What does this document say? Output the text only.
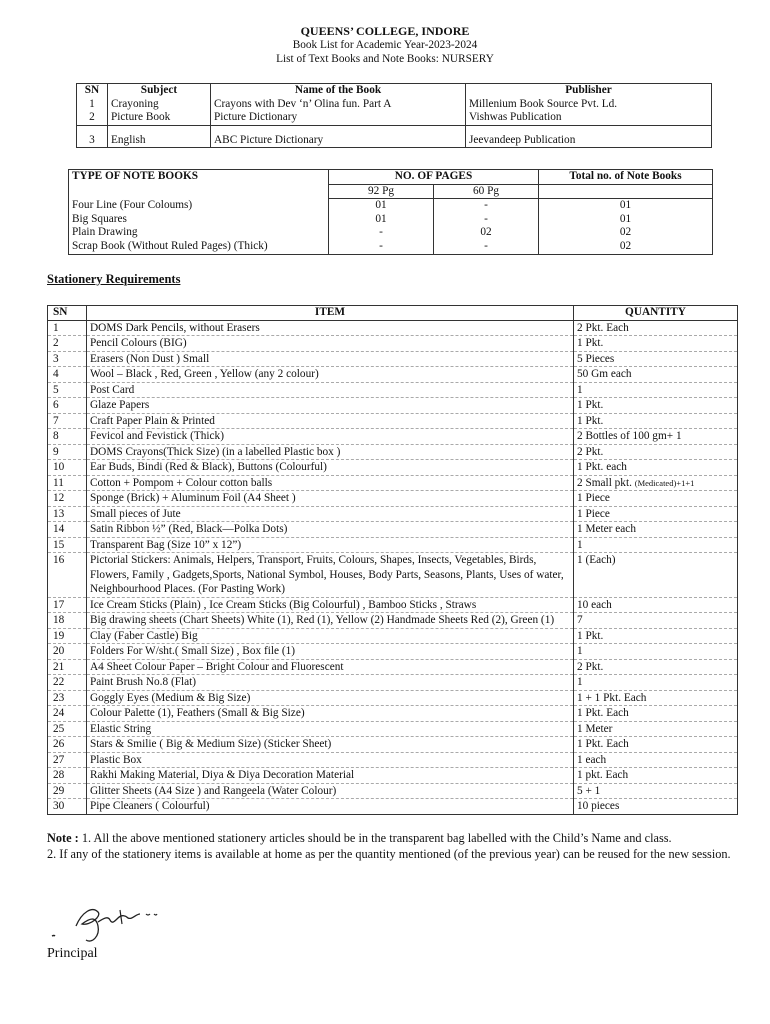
QUEENS’ COLLEGE, INDORE
Book List for Academic Year-2023-2024
List of Text Books and Note Books: NURSERY
SN	Subject	Name of the Book	Publisher
1	Crayoning	Crayons with Dev ‘n’ Olina fun. Part A	Millenium Book Source Pvt. Ld.
2	Picture Book	Picture Dictionary	Vishwas Publication
3	English	ABC Picture Dictionary	Jeevandeep Publication
TYPE OF NOTE BOOKS	NO. OF PAGES		Total no. of Note Books
	92 Pg	60 Pg	
Four Line (Four Coloums)	01	-	01
Big Squares	01	-	01
Plain Drawing	-	02	02
Scrap Book (Without Ruled Pages) (Thick)	-	-	02
Stationery Requirements
SN	ITEM	QUANTITY
1	DOMS Dark Pencils, without Erasers	2 Pkt. Each
2	Pencil Colours (BIG)	1 Pkt.
3	Erasers (Non Dust ) Small	5 Pieces
4	Wool – Black , Red, Green , Yellow (any 2 colour)	50 Gm each
5	Post Card	1
6	Glaze Papers	1 Pkt.
7	Craft Paper Plain & Printed	1 Pkt.
8	Fevicol and Fevistick (Thick)	2 Bottles of 100 gm+ 1
9	DOMS Crayons(Thick Size) (in a labelled Plastic box )	2 Pkt.
10	Ear Buds, Bindi (Red & Black), Buttons (Colourful)	1 Pkt. each
11	Cotton + Pompom + Colour cotton balls	2 Small pkt. (Medicated)+1+1
12	Sponge (Brick) + Aluminum Foil (A4 Sheet )	1 Piece
13	Small pieces of Jute	1 Piece
14	Satin Ribbon ½” (Red, Black—Polka Dots)	1 Meter each
15	Transparent Bag (Size 10” x 12”)	1
16	Pictorial Stickers: Animals, Helpers, Transport, Fruits, Colours, Shapes, Insects, Vegetables, Birds, Flowers, Family , Gadgets,Sports, National Symbol, Houses, Body Parts, Seasons, Plants, Uses of water, Neighbourhood Places. (For Pasting Work)	1 (Each)
17	Ice Cream Sticks (Plain) , Ice Cream Sticks (Big Colourful) , Bamboo Sticks , Straws	10 each
18	Big drawing sheets (Chart Sheets) White (1), Red (1), Yellow (2) Handmade Sheets Red (2), Green (1)	7
19	Clay (Faber Castle) Big	1 Pkt.
20	Folders For W/sht.( Small Size) , Box file (1)	1
21	A4 Sheet Colour Paper – Bright Colour and Fluorescent	2 Pkt.
22	Paint Brush No.8 (Flat)	1
23	Goggly Eyes (Medium & Big Size)	1 + 1 Pkt. Each
24	Colour Palette (1), Feathers (Small & Big Size)	1 Pkt. Each
25	Elastic String	1 Meter
26	Stars & Smilie ( Big & Medium Size) (Sticker Sheet)	1 Pkt. Each
27	Plastic Box	1 each
28	Rakhi Making Material, Diya & Diya Decoration Material	1 pkt. Each
29	Glitter Sheets (A4 Size ) and Rangeela (Water Colour)	5 + 1
30	Pipe Cleaners ( Colourful)	10 pieces
Note : 1. All the above mentioned stationery articles should be in the transparent bag labelled with the Child’s Name and class.
2. If any of the stationery items is available at home as per the quantity mentioned (of the previous year) can be reused for the new session.
Principal
